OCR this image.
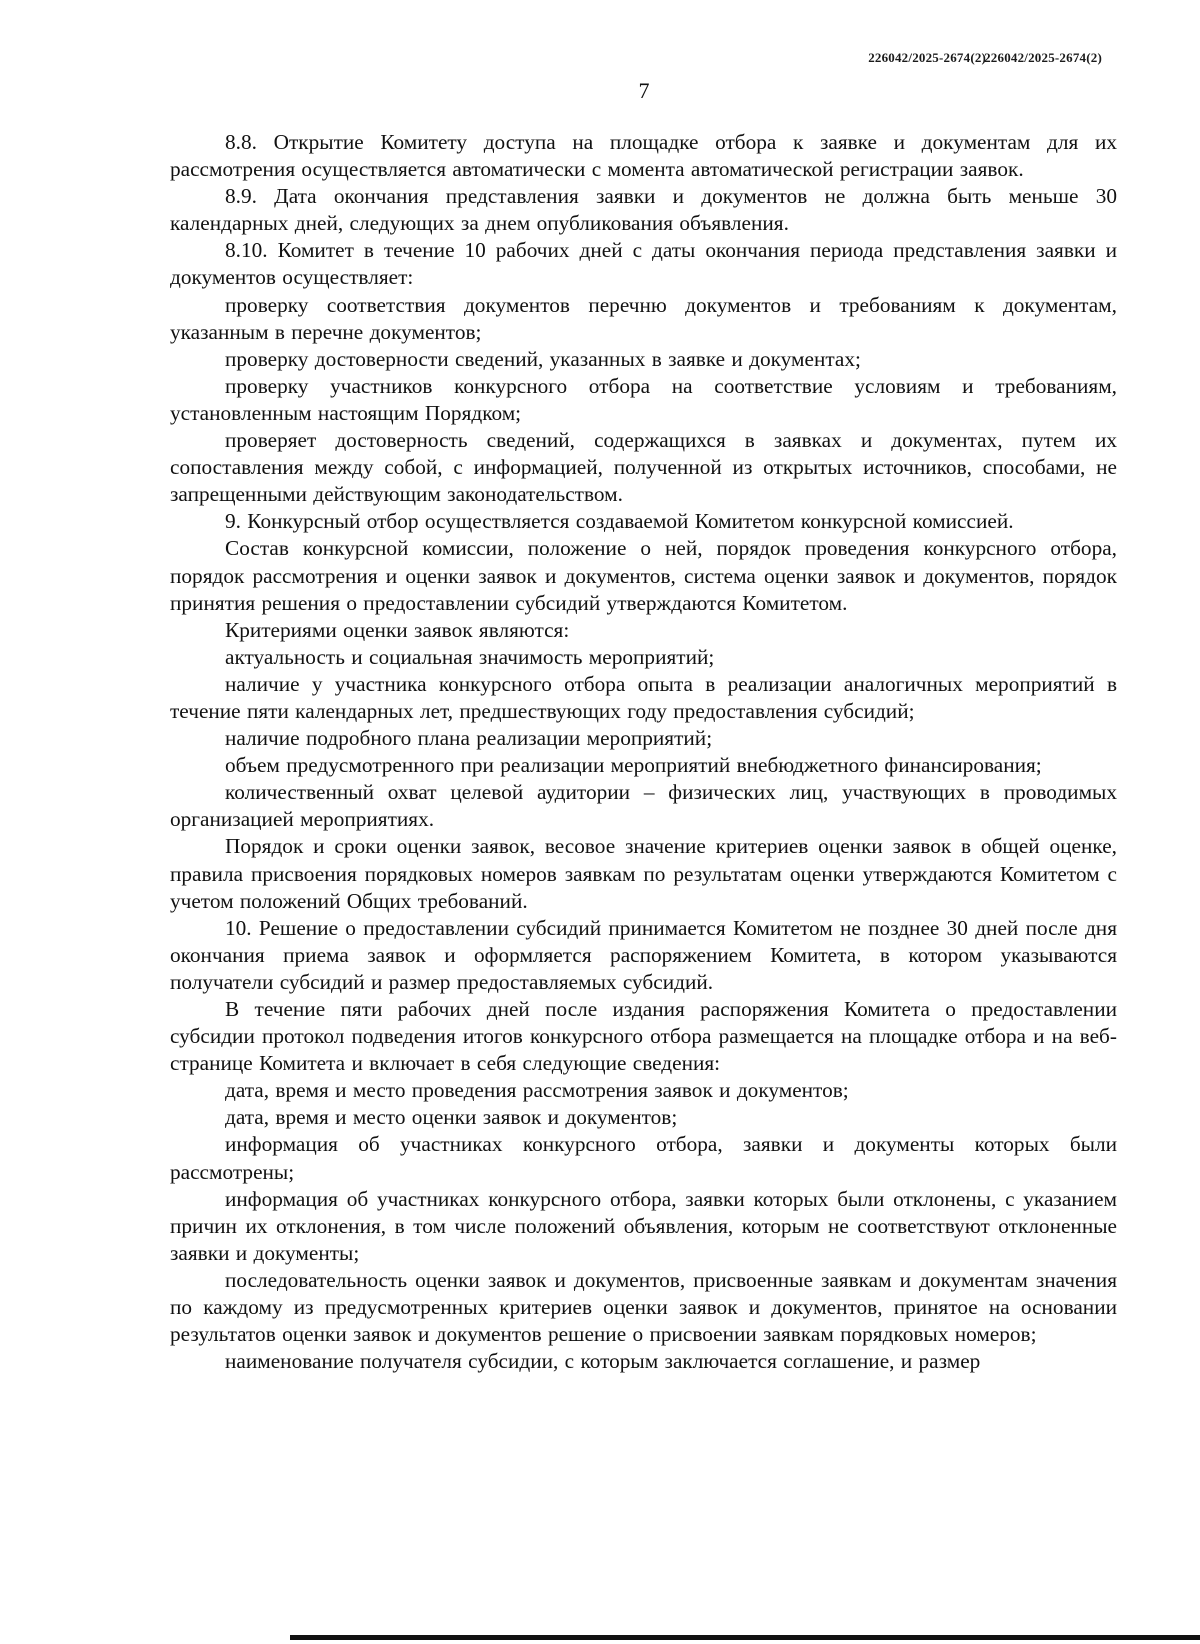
226042/2025-2674(2)226042/2025-2674(2)
7

8.8. Открытие Комитету доступа на площадке отбора к заявке и документам для их рассмотрения осуществляется автоматически с момента автоматической регистрации заявок.

8.9. Дата окончания представления заявки и документов не должна быть меньше 30 календарных дней, следующих за днем опубликования объявления.

8.10. Комитет в течение 10 рабочих дней с даты окончания периода представления заявки и документов осуществляет:

проверку соответствия документов перечню документов и требованиям к документам, указанным в перечне документов;

проверку достоверности сведений, указанных в заявке и документах;

проверку участников конкурсного отбора на соответствие условиям и требованиям, установленным настоящим Порядком;

проверяет достоверность сведений, содержащихся в заявках и документах, путем их сопоставления между собой, с информацией, полученной из открытых источников, способами, не запрещенными действующим законодательством.

9. Конкурсный отбор осуществляется создаваемой Комитетом конкурсной комиссией.

Состав конкурсной комиссии, положение о ней, порядок проведения конкурсного отбора, порядок рассмотрения и оценки заявок и документов, система оценки заявок и документов, порядок принятия решения о предоставлении субсидий утверждаются Комитетом.

Критериями оценки заявок являются:

актуальность и социальная значимость мероприятий;

наличие у участника конкурсного отбора опыта в реализации аналогичных мероприятий в течение пяти календарных лет, предшествующих году предоставления субсидий;

наличие подробного плана реализации мероприятий;

объем предусмотренного при реализации мероприятий внебюджетного финансирования;

количественный охват целевой аудитории – физических лиц, участвующих в проводимых организацией мероприятиях.

Порядок и сроки оценки заявок, весовое значение критериев оценки заявок в общей оценке, правила присвоения порядковых номеров заявкам по результатам оценки утверждаются Комитетом с учетом положений Общих требований.

10. Решение о предоставлении субсидий принимается Комитетом не позднее 30 дней после дня окончания приема заявок и оформляется распоряжением Комитета, в котором указываются получатели субсидий и размер предоставляемых субсидий.

В течение пяти рабочих дней после издания распоряжения Комитета о предоставлении субсидии протокол подведения итогов конкурсного отбора размещается на площадке отбора и на веб-странице Комитета и включает в себя следующие сведения:

дата, время и место проведения рассмотрения заявок и документов;

дата, время и место оценки заявок и документов;

информация об участниках конкурсного отбора, заявки и документы которых были рассмотрены;

информация об участниках конкурсного отбора, заявки которых были отклонены, с указанием причин их отклонения, в том числе положений объявления, которым не соответствуют отклоненные заявки и документы;

последовательность оценки заявок и документов, присвоенные заявкам и документам значения по каждому из предусмотренных критериев оценки заявок и документов, принятое на основании результатов оценки заявок и документов решение о присвоении заявкам порядковых номеров;

наименование получателя субсидии, с которым заключается соглашение, и размер
